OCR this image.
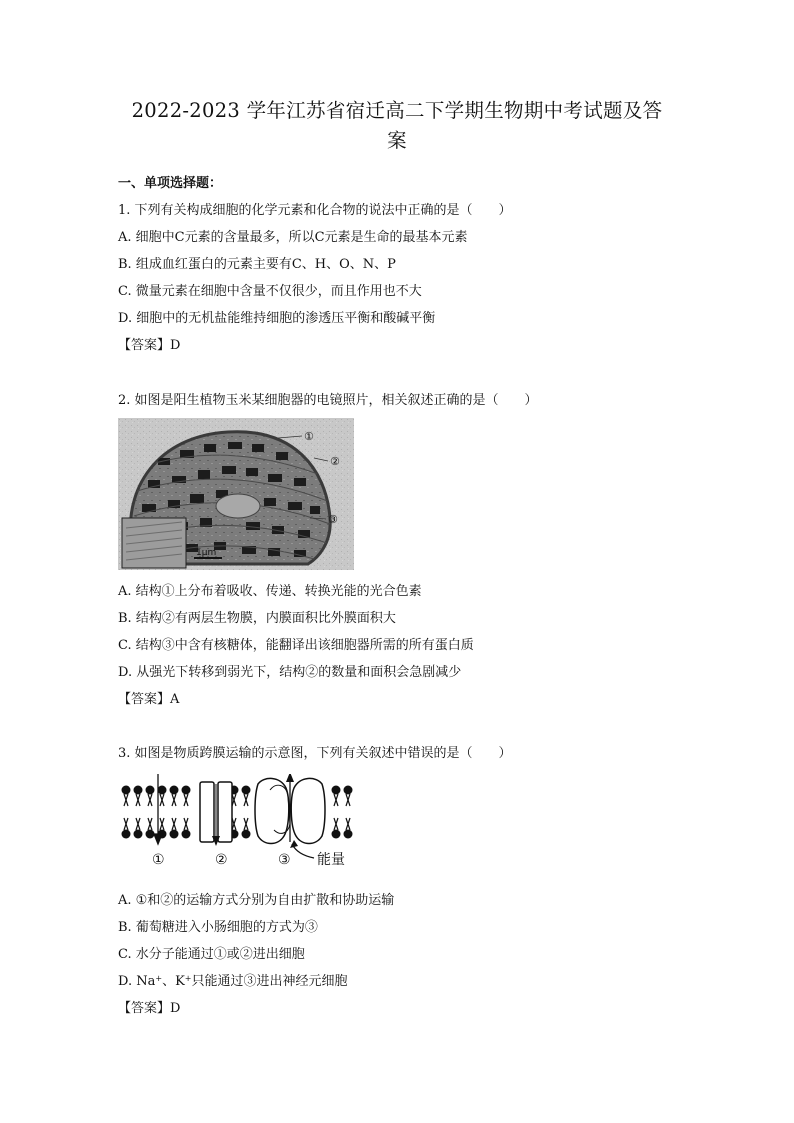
2022-2023 学年江苏省宿迁高二下学期生物期中考试题及答
案
一、单项选择题：
1. 下列有关构成细胞的化学元素和化合物的说法中正确的是（　　）
A. 细胞中C元素的含量最多，所以C元素是生命的最基本元素
B. 组成血红蛋白的元素主要有C、H、O、N、P
C. 微量元素在细胞中含量不仅很少，而且作用也不大
D. 细胞中的无机盐能维持细胞的渗透压平衡和酸碱平衡
【答案】D
2. 如图是阳生植物玉米某细胞器的电镜照片，相关叙述正确的是（　　）
①
②
③
1μm
A. 结构①上分布着吸收、传递、转换光能的光合色素
B. 结构②有两层生物膜，内膜面积比外膜面积大
C. 结构③中含有核糖体，能翻译出该细胞器所需的所有蛋白质
D. 从强光下转移到弱光下，结构②的数量和面积会急剧减少
【答案】A
3. 如图是物质跨膜运输的示意图，下列有关叙述中错误的是（　　）
①	②	③ 能量
A. ①和②的运输方式分别为自由扩散和协助运输
B. 葡萄糖进入小肠细胞的方式为③
C. 水分子能通过①或②进出细胞
D. Na+、K+只能通过③进出神经元细胞
【答案】D
